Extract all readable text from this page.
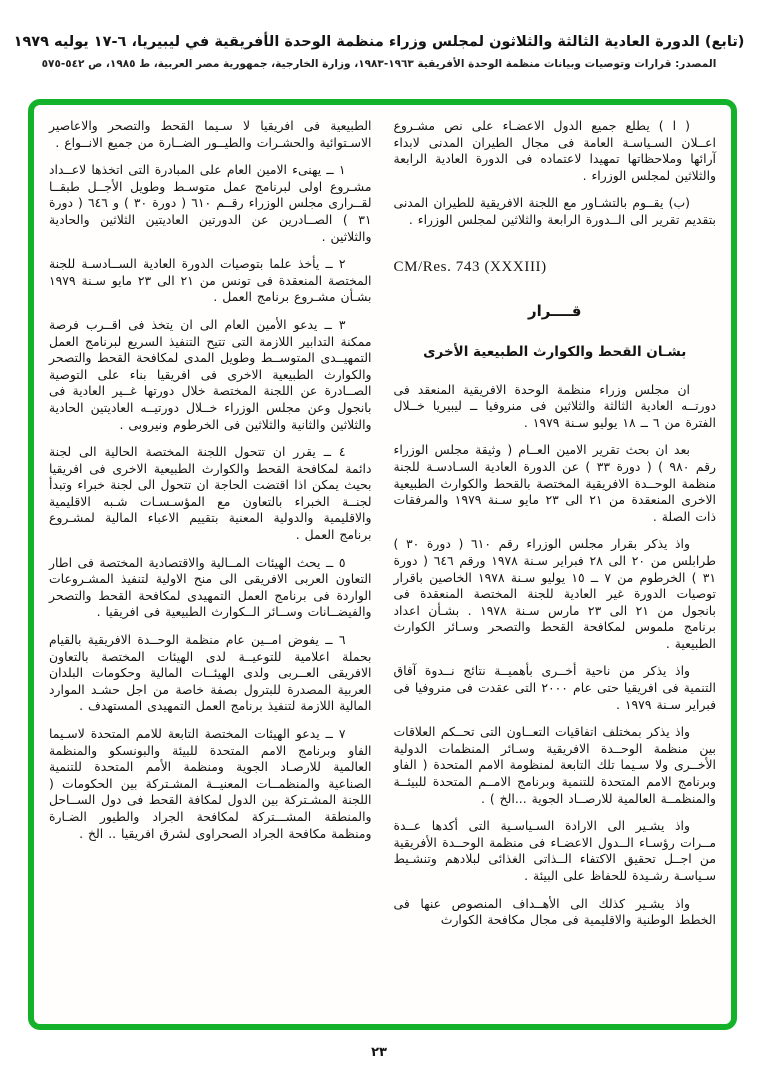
(تابع) الدورة العادية الثالثة والثلاثون لمجلس وزراء منظمة الوحدة الأفريقية في ليبيريا، ٦-١٧ يوليه ١٩٧٩
المصدر: قرارات وتوصيات وبيانات منظمة الوحدة الأفريقية ١٩٦٣-١٩٨٣، وزارة الخارجية، جمهورية مصر العربية، ط ١٩٨٥، ص ٥٤٢-٥٧٥

( ا ) يطلع جميع الدول الاعضـاء على نص مشـروع اعــلان السـياسـة العامة فى مجال الطيران المدنى لابداء آرائها وملاحظاتها تمهيدا لاعتماده فى الدورة العادية الرابعة والثلاثين لمجلس الوزراء .

(ب) يقــوم بالتشـاور مع اللجنة الافريقية للطيران المدنى بتقديم تقرير الى الــدورة الرابعة والثلاثين لمجلس الوزراء .

CM/Res. 743 (XXXIII)
قــــرار
بشـان القحط والكوارث الطبيعية الأخرى

ان مجلس وزراء منظمة الوحدة الافريقية المنعقد فى دورتــه العادية الثالثة والثلاثين فى منروفيا ــ ليبيريا خــلال الفترة من ٦ ــ ١٨ يوليو سـنة ١٩٧٩ .

بعد ان بحث تقرير الامين العــام ( وثيقة مجلس الوزراء رقم ٩٨٠ ) ( دورة ٣٣ ) عن الدورة العادية السـادسـة للجنة منظمة الوحــدة الافريقية المختصة بالقحط والكوارث الطبيعية الاخرى المنعقدة من ٢١ الى ٢٣ مايو سـنة ١٩٧٩ والمرفقات ذات الصلة .

واذ يذكر بقرار مجلس الوزراء رقم ٦١٠ ( دورة ٣٠ ) طرابلس من ٢٠ الى ٢٨ فبراير سـنة ١٩٧٨ ورقم ٦٤٦ ( دورة ٣١ ) الخرطوم من ٧ ــ ١٥ يوليو سـنة ١٩٧٨ الخاصين باقرار توصيات الدورة غير العادية للجنة المختصة المنعقدة فى بانجول من ٢١ الى ٢٣ مارس سـنة ١٩٧٨ . بشـأن اعداد برنامج ملموس لمكافحة القحط والتصحر وسـائر الكوارث الطبيعية .

واذ يذكر من ناحية أخــرى بأهميــة نتائج نــدوة آفاق التنمية فى افريقيا حتى عام ٢٠٠٠ التى عقدت فى منروفيا فى فبراير سـنة ١٩٧٩ .

واذ يذكر بمختلف اتفاقيات التعــاون التى تحــكم العلاقات بين منظمة الوحــدة الافريقية وسـائر المنظمات الدولية الأخــرى ولا سـيما تلك التابعة لمنظومة الامم المتحدة ( الفاو وبرنامج الامم المتحدة للتنمية وبرنامج الامــم المتحدة للبيئــة والمنظمــة العالمية للارصــاد الجوية ...الخ ) .

واذ يشـير الى الارادة السـياسـية التى أكدها عــدة مــرات رؤسـاء الــدول الاعضـاء فى منظمة الوحــدة الأفريقية من اجــل تحقيق الاكتفاء الــذاتى الغذائى لبلادهم وتنشـيط سـياسـة رشـيدة للحفاظ على البيئة .

واذ يشـير كذلك الى الأهــداف المنصوص عنها فى الخطط الوطنية والاقليمية فى مجال مكافحة الكوارث

الطبيعية فى افريقيا لا سـيما القحط والتصحر والاعاصير الاسـتوائية والحشـرات والطيــور الضــارة من جميع الانــواع .

١ ــ يهنىء الامين العام على المبادرة التى اتخذها لاعــداد مشـروع اولى لبرنامج عمل متوسـط وطويل الأجــل طبقــا لقــرارى مجلس الوزراء رقــم ٦١٠ ( دورة ٣٠ ) و ٦٤٦ ( دورة ٣١ ) الصــادرين عن الدورتين العاديتين الثلاثين والحادية والثلاثين .

٢ ــ يأخذ علما بتوصيات الدورة العادية الســادسـة للجنة المختصة المنعقدة فى تونس من ٢١ الى ٢٣ مايو سـنة ١٩٧٩ بشـأن مشـروع برنامج العمل .

٣ ــ يدعو الأمين العام الى ان يتخذ فى اقــرب فرصة ممكنة التدابير اللازمة التى تتيح التنفيذ السريع لبرنامج العمل التمهيــدى المتوســط وطويل المدى لمكافحة القحط والتصحر والكوارث الطبيعية الاخرى فى افريقيا بناء على التوصية الصــادرة عن اللجنة المختصة خلال دورتها غــير العادية فى بانجول وعن مجلس الوزراء خــلال دورتيــه العاديتين الحادية والثلاثين والثانية والثلاثين فى الخرطوم ونيروبى .

٤ ــ يقرر ان تتحول اللجنة المختصة الحالية الى لجنة دائمة لمكافحة القحط والكوارث الطبيعية الاخرى فى افريقيا بحيث يمكن اذا اقتضت الحاجة ان تتحول الى لجنة خبراء وتبدأ لجنــة الخبراء بالتعاون مع المؤسـسـات شـبه الاقليمية والاقليمية والدولية المعنية بتقييم الاعباء المالية لمشـروع برنامج العمل .

٥ ــ يحث الهيئات المــالية والاقتصادية المختصة فى اطار التعاون العربى الافريقى الى منح الاولية لتنفيذ المشـروعات الواردة فى برنامج العمل التمهيدى لمكافحة القحط والتصحر والفيضــانات وســائر الــكوارث الطبيعية فى افريقيا .

٦ ــ يفوض امــين عام منظمة الوحــدة الافريقية بالقيام بحملة اعلامية للتوعيــة لدى الهيئات المختصة بالتعاون الافريقى العــربى ولدى الهيئــات المالية وحكومات البلدان العربية المصدرة للبترول بصفة خاصة من اجل حشـد الموارد المالية اللازمة لتنفيذ برنامج العمل التمهيدى المستهدف .

٧ ــ يدعو الهيئات المختصة التابعة للامم المتحدة لاسـيما الفاو وبرنامج الامم المتحدة للبيئة والبونسكو والمنظمة العالمية للارصـاد الجوية ومنظمة الأمم المتحدة للتنمية الصناعية والمنظمــات المعنيــة المشـتركة بين الحكومات ( اللجنة المشـتركة بين الدول لمكافة القحط فى دول الســاحل والمنطقة المشـــتركة لمكافحة الجراد والطيور الضـارة ومنظمة مكافحة الجراد الصحراوى لشرق افريقيا .. الخ .

٢٣
